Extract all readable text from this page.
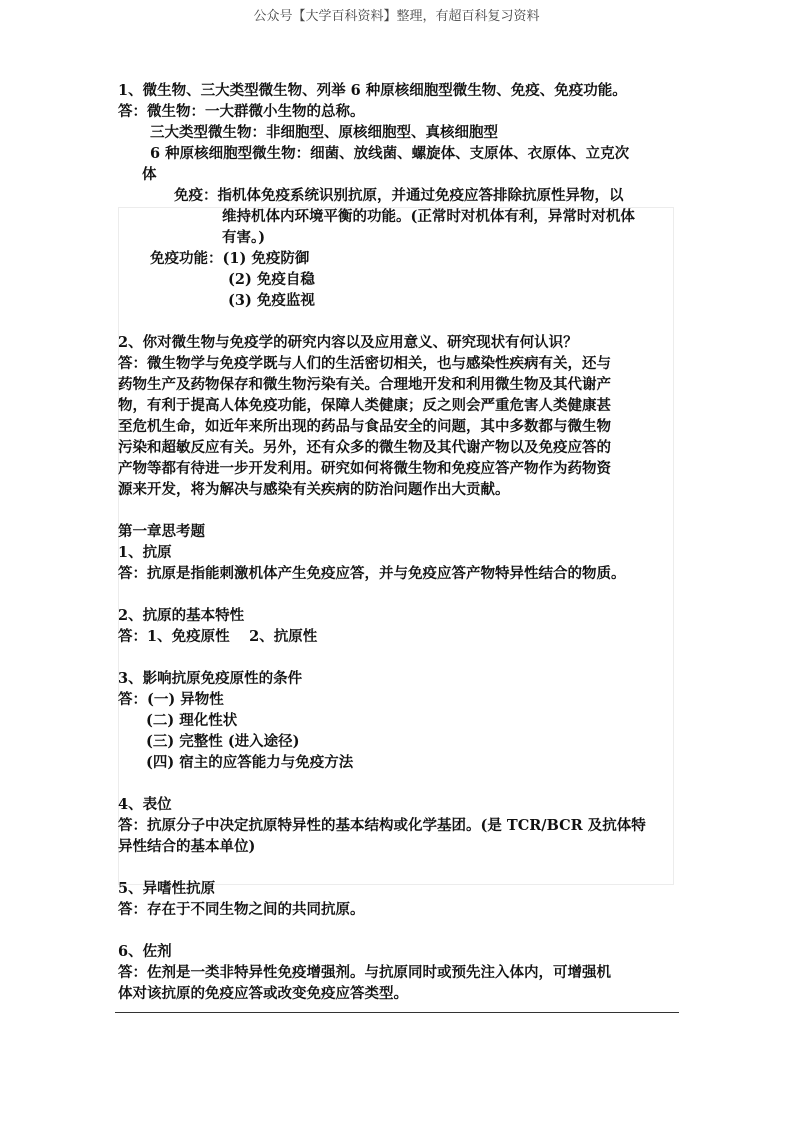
公众号【大学百科资料】整理，有超百科复习资料
1、微生物、三大类型微生物、列举 6 种原核细胞型微生物、免疫、免疫功能。
答：微生物：一大群微小生物的总称。
三大类型微生物：非细胞型、原核细胞型、真核细胞型
6 种原核细胞型微生物：细菌、放线菌、螺旋体、支原体、衣原体、立克次
体
免疫：指机体免疫系统识别抗原，并通过免疫应答排除抗原性异物，以
维持机体内环境平衡的功能。(正常时对机体有利，异常时对机体
有害。)
免疫功能：(1) 免疫防御
(2) 免疫自稳
(3) 免疫监视
2、你对微生物与免疫学的研究内容以及应用意义、研究现状有何认识？
答：微生物学与免疫学既与人们的生活密切相关，也与感染性疾病有关，还与
药物生产及药物保存和微生物污染有关。合理地开发和利用微生物及其代谢产
物，有利于提高人体免疫功能，保障人类健康；反之则会严重危害人类健康甚
至危机生命，如近年来所出现的药品与食品安全的问题，其中多数都与微生物
污染和超敏反应有关。另外，还有众多的微生物及其代谢产物以及免疫应答的
产物等都有待进一步开发利用。研究如何将微生物和免疫应答产物作为药物资
源来开发，将为解决与感染有关疾病的防治问题作出大贡献。
第一章思考题
1、抗原
答：抗原是指能刺激机体产生免疫应答，并与免疫应答产物特异性结合的物质。
2、抗原的基本特性
答：1、免疫原性　 2、抗原性
3、影响抗原免疫原性的条件
答：(一) 异物性
(二) 理化性状
(三) 完整性 (进入途径)
(四) 宿主的应答能力与免疫方法
4、表位
答：抗原分子中决定抗原特异性的基本结构或化学基团。(是 TCR/BCR 及抗体特
异性结合的基本单位)
5、异嗜性抗原
答：存在于不同生物之间的共同抗原。
6、佐剂
答：佐剂是一类非特异性免疫增强剂。与抗原同时或预先注入体内，可增强机
体对该抗原的免疫应答或改变免疫应答类型。
